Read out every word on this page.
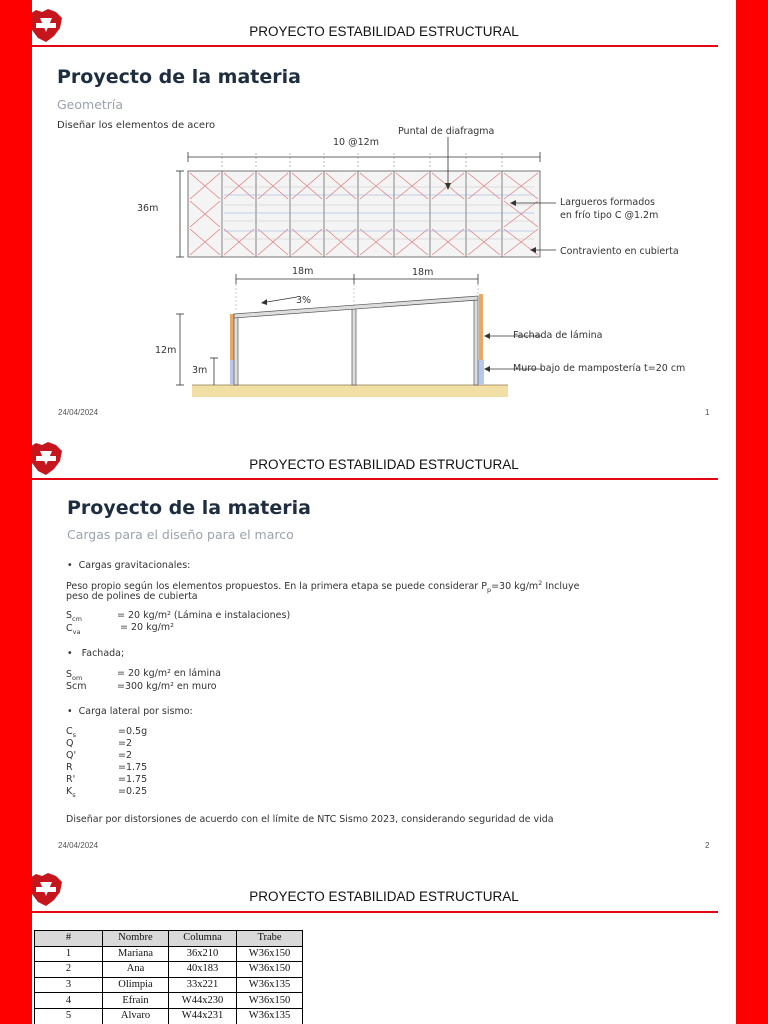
PROYECTO ESTABILIDAD ESTRUCTURAL
Proyecto de la materia
Geometría
Diseñar los elementos de acero
10 @12m
Puntal de diafragma
36m
Largueros formados
en frío tipo C @1.2m
Contraviento en cubierta
18m	18m
3%
12m
3m
Fachada de lámina
Muro bajo de mampostería t=20 cm
24/04/2024	1
PROYECTO ESTABILIDAD ESTRUCTURAL
Proyecto de la materia
Cargas para el diseño para el marco
•  Cargas gravitacionales:
Peso propio según los elementos propuestos. En la primera etapa se puede considerar $P_p=30$ $kg/m^2$ Incluye
peso de polines de cubierta
$S_{cm}$	= 20 kg/m² (Lámina e instalaciones)
$C_{va}$	= 20 kg/m²
•   Fachada;
$S_{om}$	= 20 kg/m² en lámina
Scm	=300 kg/m² en muro
•  Carga lateral por sismo:
$C_s$	=0.5g
Q	=2
Q'	=2
R	=1.75
R'	=1.75
$K_s$	=0.25
Diseñar por distorsiones de acuerdo con el límite de NTC Sismo 2023, considerando seguridad de vida
24/04/2024	2
PROYECTO ESTABILIDAD ESTRUCTURAL
#	Nombre	Columna	Trabe
1	Mariana	36x210	W36x150
2	Ana	40x183	W36x150
3	Olimpia	33x221	W36x135
4	Efrain	W44x230	W36x150
5	Alvaro	W44x231	W36x135
